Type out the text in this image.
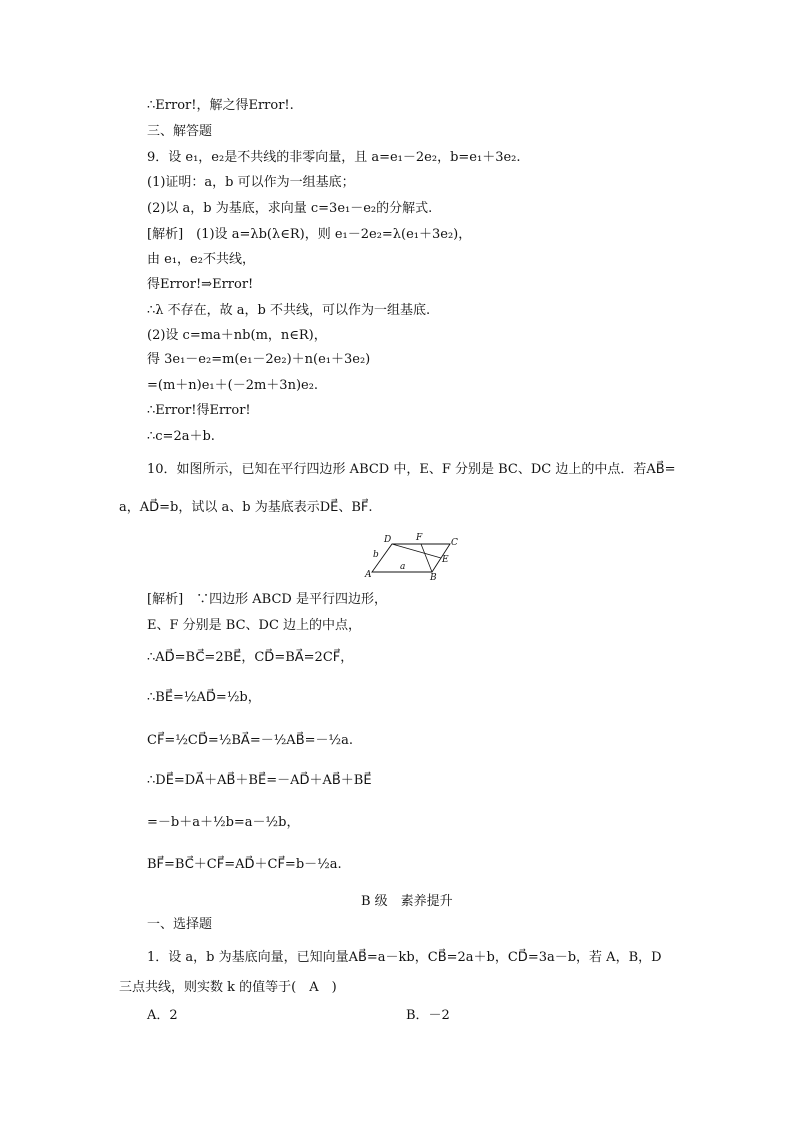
∴Error!，解之得Error!.
三、解答题
9．设 e₁，e₂是不共线的非零向量，且 a=e₁－2e₂，b=e₁＋3e₂.
(1)证明：a，b 可以作为一组基底；
(2)以 a，b 为基底，求向量 c=3e₁－e₂的分解式.
[解析]　(1)设 a=λb(λ∈R)，则 e₁－2e₂=λ(e₁＋3e₂)，
由 e₁，e₂不共线，
得Error!⇒Error!
∴λ 不存在，故 a，b 不共线，可以作为一组基底.
(2)设 c=ma＋nb(m，n∈R)，
得 3e₁－e₂=m(e₁－2e₂)＋n(e₁＋3e₂)
=(m＋n)e₁＋(－2m＋3n)e₂.
∴Error!得Error!
∴c=2a＋b.
10．如图所示，已知在平行四边形 ABCD 中，E、F 分别是 BC、DC 边上的中点．若AB⃗=
a，AD⃗=b，试以 a、b 为基底表示DE⃗、BF⃗.
A	B
C
D
E
F
a
b
[解析]　∵四边形 ABCD 是平行四边形，
E、F 分别是 BC、DC 边上的中点，
∴AD⃗=BC⃗=2BE⃗，CD⃗=BA⃗=2CF⃗，
∴BE⃗=½AD⃗=½b，
CF⃗=½CD⃗=½BA⃗=－½AB⃗=－½a.
∴DE⃗=DA⃗＋AB⃗＋BE⃗=－AD⃗＋AB⃗＋BE⃗
=－b＋a＋½b=a－½b，
BF⃗=BC⃗＋CF⃗=AD⃗＋CF⃗=b－½a.
B 级　素养提升
一、选择题
1．设 a，b 为基底向量，已知向量AB⃗=a－kb，CB⃗=2a＋b，CD⃗=3a－b，若 A，B，D
三点共线，则实数 k 的值等于(　A　)
A．2	B．－2
